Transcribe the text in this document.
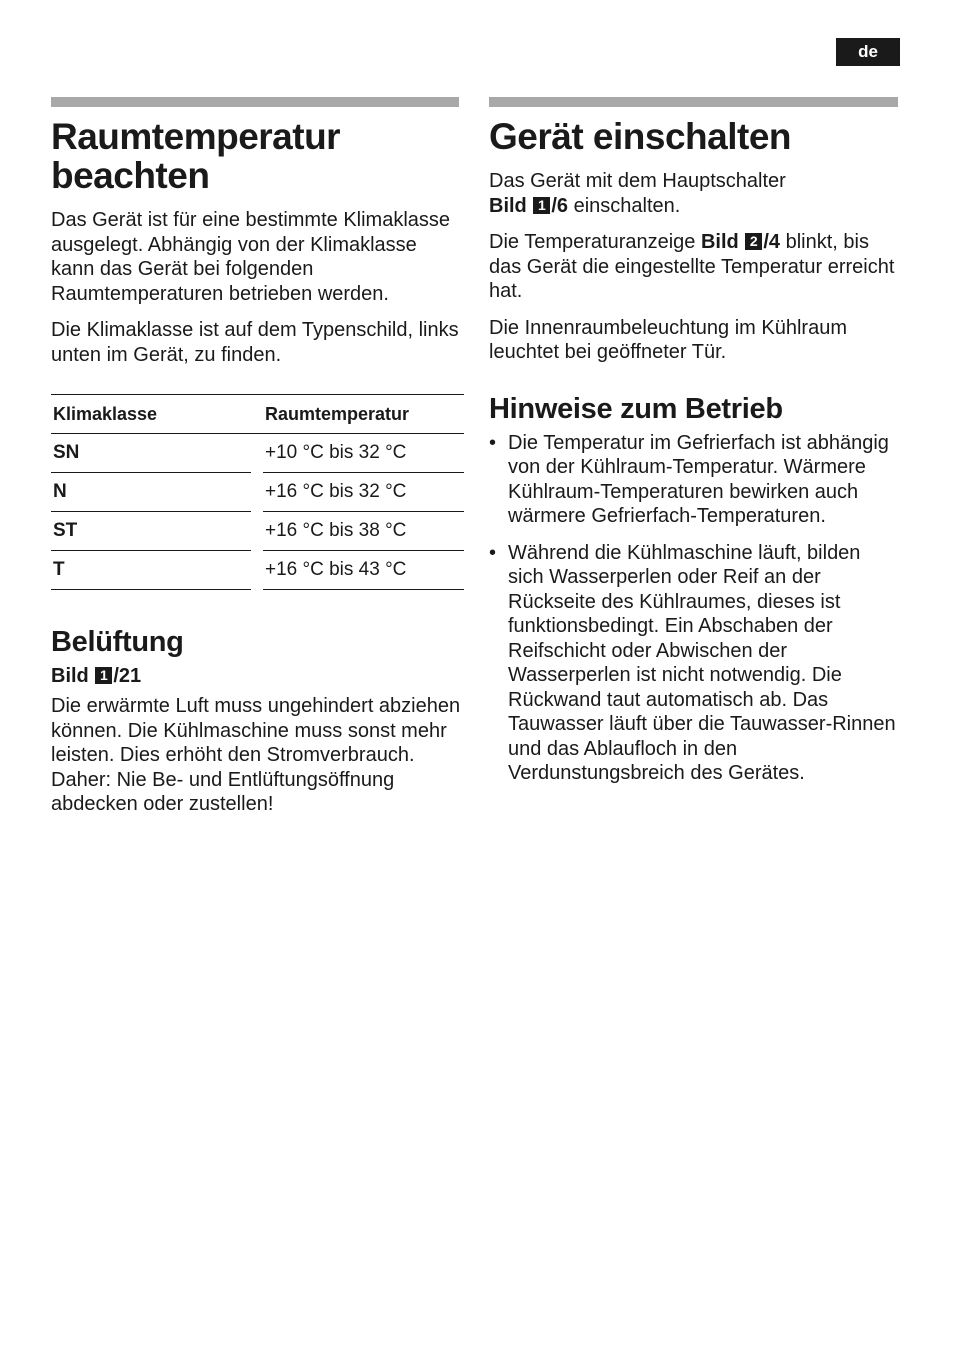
de
Raumtemperatur
beachten

Das Gerät ist für eine bestimmte Klimaklasse ausgelegt. Abhängig von der Klimaklasse kann das Gerät bei folgenden Raumtemperaturen betrieben werden.

Die Klimaklasse ist auf dem Typenschild, links unten im Gerät, zu finden.

Klimaklasse		Raumtemperatur
SN		+10 °C bis 32 °C
N		+16 °C bis 32 °C
ST		+16 °C bis 38 °C
T		+16 °C bis 43 °C
Belüftung
Bild 1 /21

Die erwärmte Luft muss ungehindert abziehen können. Die Kühlmaschine muss sonst mehr leisten. Dies erhöht den Stromverbrauch.

Daher: Nie Be- und Entlüftungsöffnung abdecken oder zustellen!

Gerät einschalten

Das Gerät mit dem Hauptschalter
Bild 1 /6 einschalten.

Die Temperaturanzeige Bild 2 /4 blinkt, bis das Gerät die eingestellte Temperatur erreicht hat.

Die Innenraumbeleuchtung im Kühlraum leuchtet bei geöffneter Tür.

Hinweise zum Betrieb
• Die Temperatur im Gefrierfach ist abhängig von der Kühlraum-Temperatur. Wärmere Kühlraum-Temperaturen bewirken auch wärmere Gefrierfach-Temperaturen.
• Während die Kühlmaschine läuft, bilden sich Wasserperlen oder Reif an der Rückseite des Kühlraumes, dieses ist funktionsbedingt. Ein Abschaben der Reifschicht oder Abwischen der Wasserperlen ist nicht notwendig. Die Rückwand taut automatisch ab. Das Tauwasser läuft über die Tauwasser-Rinnen und das Ablaufloch in den Verdunstungsbreich des Gerätes.
